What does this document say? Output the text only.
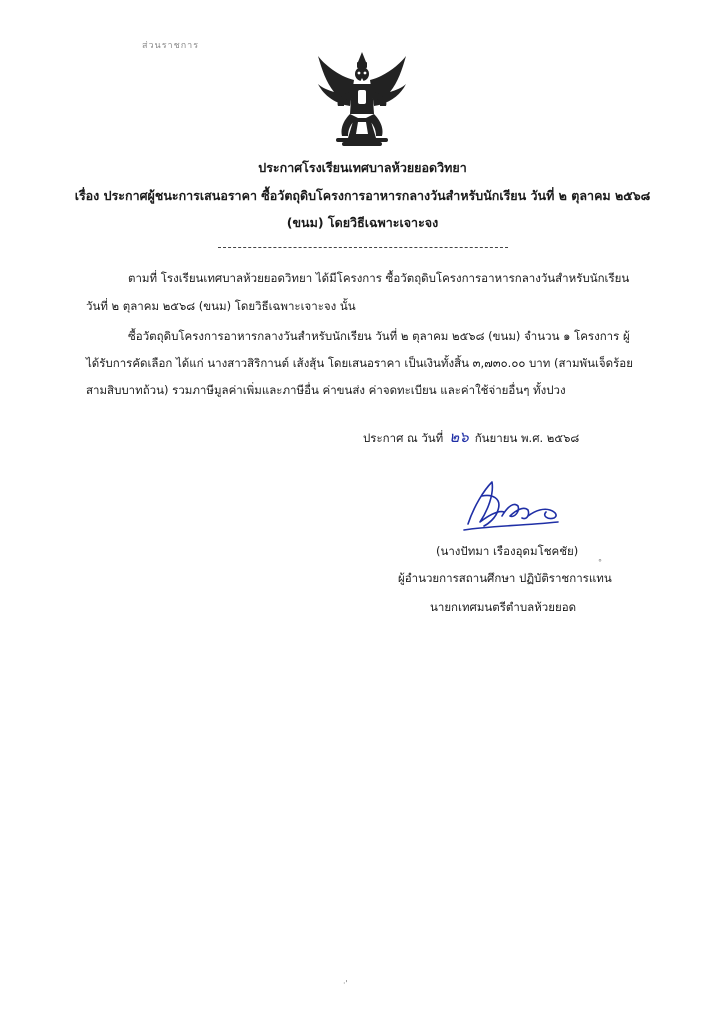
ส่วนราชการ
ประกาศโรงเรียนเทศบาลห้วยยอดวิทยา
เรื่อง ประกาศผู้ชนะการเสนอราคา ซื้อวัตถุดิบโครงการอาหารกลางวันสำหรับนักเรียน วันที่ ๒ ตุลาคม ๒๕๖๘
(ขนม) โดยวิธีเฉพาะเจาะจง
ตามที่ โรงเรียนเทศบาลห้วยยอดวิทยา ได้มีโครงการ ซื้อวัตถุดิบโครงการอาหารกลางวันสำหรับนักเรียน
วันที่ ๒ ตุลาคม ๒๕๖๘ (ขนม) โดยวิธีเฉพาะเจาะจง นั้น
ซื้อวัตถุดิบโครงการอาหารกลางวันสำหรับนักเรียน วันที่ ๒ ตุลาคม ๒๕๖๘ (ขนม) จำนวน ๑ โครงการ ผู้
ได้รับการคัดเลือก ได้แก่ นางสาวสิริกานต์ เส้งสุ้น โดยเสนอราคา เป็นเงินทั้งสิ้น ๓,๗๓๐.๐๐ บาท (สามพันเจ็ดร้อย
สามสิบบาทถ้วน) รวมภาษีมูลค่าเพิ่มและภาษีอื่น ค่าขนส่ง ค่าจดทะเบียน และค่าใช้จ่ายอื่นๆ ทั้งปวง
ประกาศ ณ วันที่ ๒๖ กันยายน พ.ศ. ๒๕๖๘
(นางปัทมา เรืองอุดมโชคชัย)
ผู้อำนวยการสถานศึกษา ปฏิบัติราชการแทน
นายกเทศมนตรีตำบลห้วยยอด
°
·'
